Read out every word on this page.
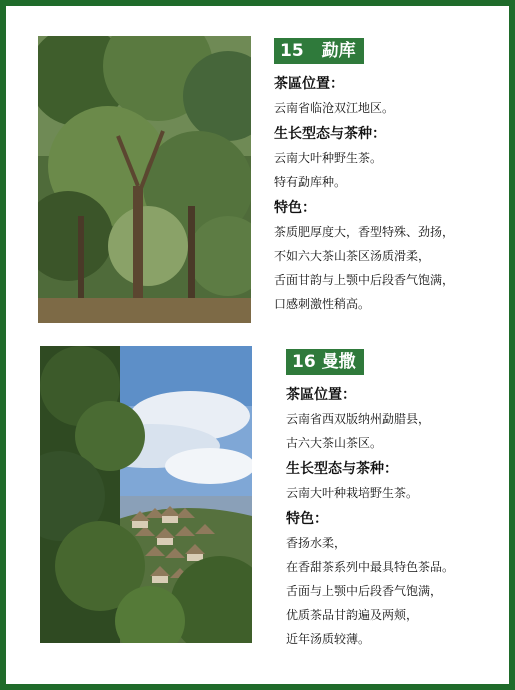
15 勐库
茶區位置：
云南省临沧双江地区。
生长型态与茶种：
云南大叶种野生茶。
特有勐库种。
特色：
茶质肥厚度大，香型特殊、劲扬，
不如六大茶山茶区汤质滑柔，
舌面甘韵与上颚中后段香气饱满，
口感刺激性稍高。
16 曼撒
茶區位置：
云南省西双版纳州勐腊县，
古六大茶山茶区。
生长型态与茶种：
云南大叶种栽培野生茶。
特色：
香扬水柔，
在香甜茶系列中最具特色茶品。
舌面与上颚中后段香气饱满，
优质茶品甘韵遍及两颊，
近年汤质较薄。
